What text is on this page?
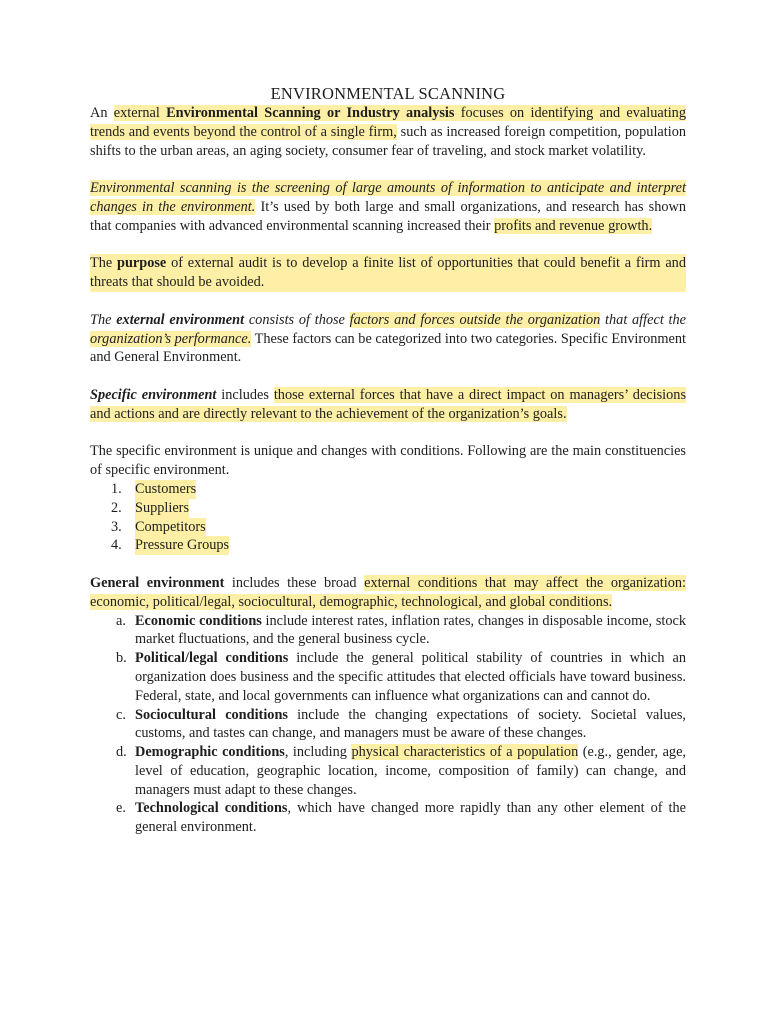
ENVIRONMENTAL SCANNING

An external Environmental Scanning or Industry analysis focuses on identifying and evaluating trends and events beyond the control of a single firm, such as increased foreign competition, population shifts to the urban areas, an aging society, consumer fear of traveling, and stock market volatility.

Environmental scanning is the screening of large amounts of information to anticipate and interpret changes in the environment. It’s used by both large and small organizations, and research has shown that companies with advanced environmental scanning increased their profits and revenue growth.

The purpose of external audit is to develop a finite list of opportunities that could benefit a firm and threats that should be avoided.

The external environment consists of those factors and forces outside the organization that affect the organization’s performance. These factors can be categorized into two categories. Specific Environment and General Environment.

Specific environment includes those external forces that have a direct impact on managers’ decisions and actions and are directly relevant to the achievement of the organization’s goals.

The specific environment is unique and changes with conditions. Following are the main constituencies of specific environment.

1. Customers
2. Suppliers
3. Competitors
4. Pressure Groups

General environment includes these broad external conditions that may affect the organization: economic, political/legal, sociocultural, demographic, technological, and global conditions.

a. Economic conditions include interest rates, inflation rates, changes in disposable income, stock market fluctuations, and the general business cycle.
b. Political/legal conditions include the general political stability of countries in which an organization does business and the specific attitudes that elected officials have toward business. Federal, state, and local governments can influence what organizations can and cannot do.
c. Sociocultural conditions include the changing expectations of society. Societal values, customs, and tastes can change, and managers must be aware of these changes.
d. Demographic conditions, including physical characteristics of a population (e.g., gender, age, level of education, geographic location, income, composition of family) can change, and managers must adapt to these changes.
e. Technological conditions, which have changed more rapidly than any other element of the general environment.
